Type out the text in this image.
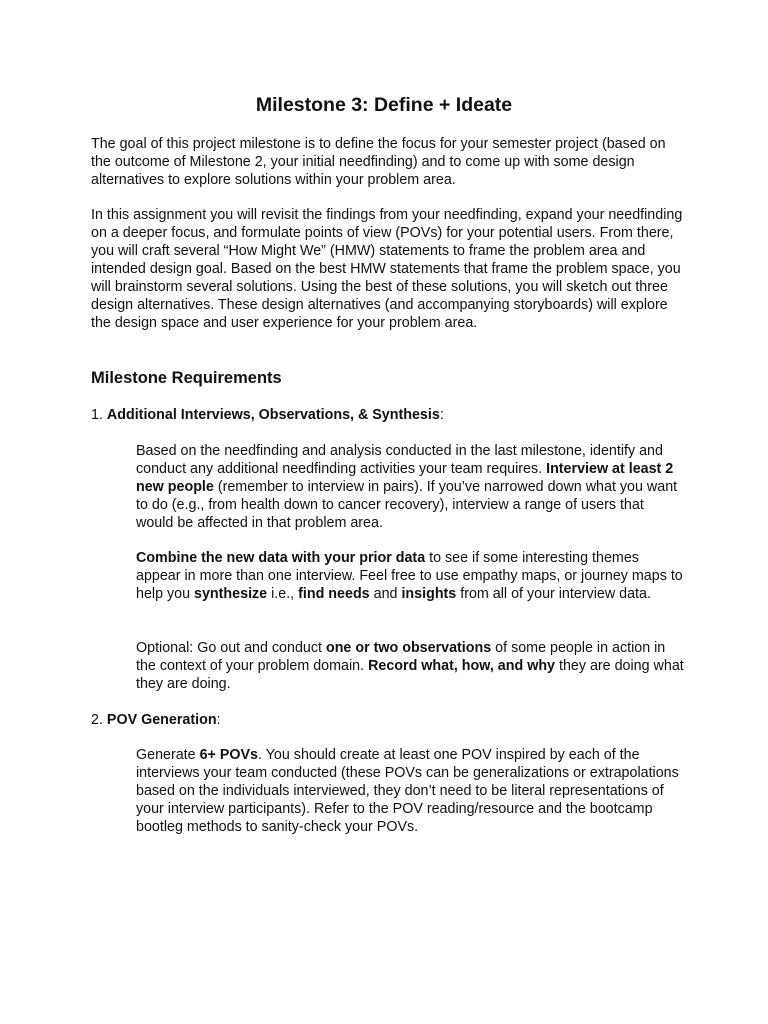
Milestone 3: Define + Ideate

The goal of this project milestone is to define the focus for your semester project (based on the outcome of Milestone 2, your initial needfinding) and to come up with some design alternatives to explore solutions within your problem area.

In this assignment you will revisit the findings from your needfinding, expand your needfinding on a deeper focus, and formulate points of view (POVs) for your potential users. From there, you will craft several “How Might We” (HMW) statements to frame the problem area and intended design goal. Based on the best HMW statements that frame the problem space, you will brainstorm several solutions. Using the best of these solutions, you will sketch out three design alternatives. These design alternatives (and accompanying storyboards) will explore the design space and user experience for your problem area.

Milestone Requirements

1. Additional Interviews, Observations, & Synthesis:

Based on the needfinding and analysis conducted in the last milestone, identify and conduct any additional needfinding activities your team requires. Interview at least 2 new people (remember to interview in pairs). If you’ve narrowed down what you want to do (e.g., from health down to cancer recovery), interview a range of users that would be affected in that problem area.

Combine the new data with your prior data to see if some interesting themes appear in more than one interview. Feel free to use empathy maps, or journey maps to help you synthesize i.e., find needs and insights from all of your interview data.

Optional: Go out and conduct one or two observations of some people in action in the context of your problem domain. Record what, how, and why they are doing what they are doing.

2. POV Generation:

Generate 6+ POVs. You should create at least one POV inspired by each of the interviews your team conducted (these POVs can be generalizations or extrapolations based on the individuals interviewed, they don’t need to be literal representations of your interview participants). Refer to the POV reading/resource and the bootcamp bootleg methods to sanity-check your POVs.
